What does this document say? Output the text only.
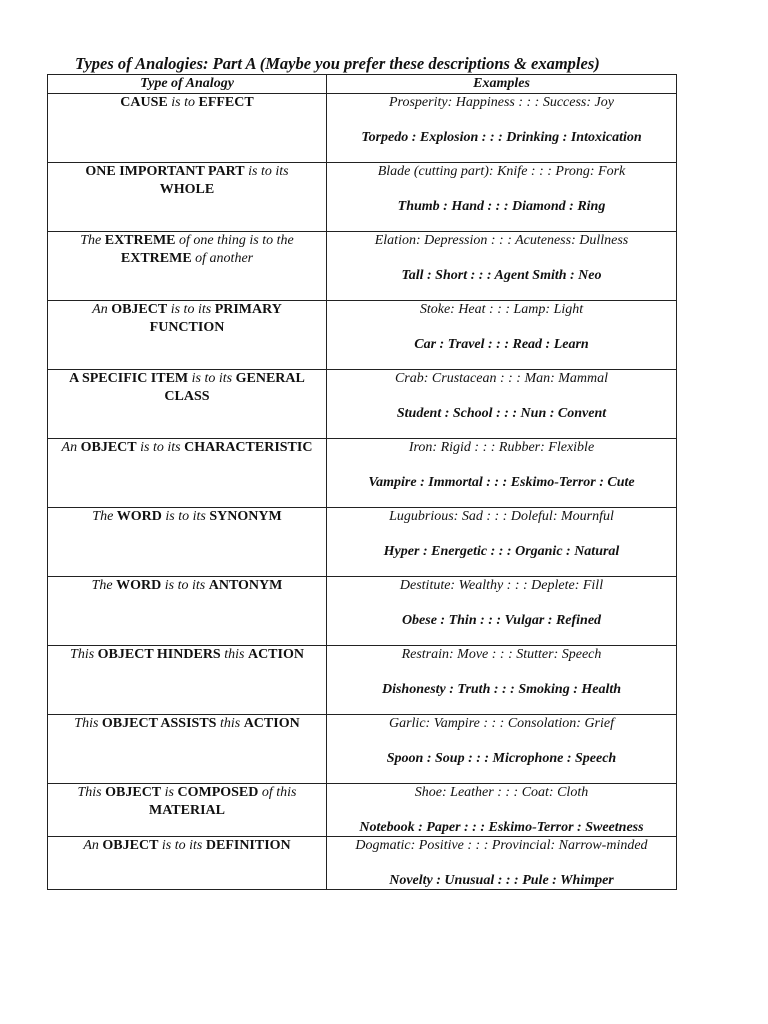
Types of Analogies: Part A (Maybe you prefer these descriptions & examples)
Type of Analogy	Examples
CAUSE is to EFFECT	Prosperity: Happiness : : : Success: Joy
Torpedo : Explosion : : : Drinking : Intoxication

ONE IMPORTANT PART is to its
WHOLE	Blade (cutting part): Knife : : : Prong: Fork
Thumb : Hand : : : Diamond : Ring

The EXTREME of one thing is to the
EXTREME of another	Elation: Depression : : : Acuteness: Dullness
Tall : Short : : : Agent Smith : Neo

An OBJECT is to its PRIMARY
FUNCTION	Stoke: Heat : : : Lamp: Light
Car : Travel : : : Read : Learn

A SPECIFIC ITEM is to its GENERAL
CLASS	Crab: Crustacean : : : Man: Mammal
Student : School : : : Nun : Convent

An OBJECT is to its CHARACTERISTIC	Iron: Rigid : : : Rubber: Flexible
Vampire : Immortal : : : Eskimo-Terror : Cute

The WORD is to its SYNONYM	Lugubrious: Sad : : : Doleful: Mournful
Hyper : Energetic : : : Organic : Natural

The WORD is to its ANTONYM	Destitute: Wealthy : : : Deplete: Fill
Obese : Thin : : : Vulgar : Refined

This OBJECT HINDERS this ACTION	Restrain: Move : : : Stutter: Speech
Dishonesty : Truth : : : Smoking : Health

This OBJECT ASSISTS this ACTION	Garlic: Vampire : : : Consolation: Grief
Spoon : Soup : : : Microphone : Speech

This OBJECT is COMPOSED of this
MATERIAL	Shoe: Leather : : : Coat: Cloth
Notebook : Paper : : : Eskimo-Terror : Sweetness

An OBJECT is to its DEFINITION	Dogmatic: Positive : : : Provincial: Narrow-minded
Novelty : Unusual : : : Pule : Whimper
